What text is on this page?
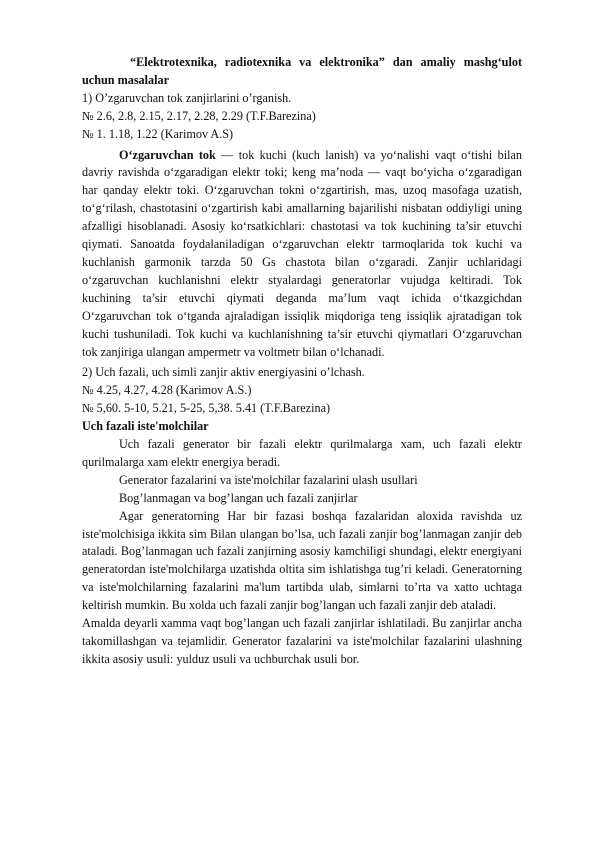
“Elektrotexnika, radiotexnika va elektronika” dan amaliy mashg‘ulot uchun masalalar

1) O’zgaruvchan tok zanjirlarini o’rganish.

№ 2.6, 2.8, 2.15, 2.17, 2.28, 2.29 (T.F.Barezina)

№ 1. 1.18, 1.22 (Karimov A.S)

O‘zgaruvchan tok — tok kuchi (kuch lanish) va yo‘nalishi vaqt o‘tishi bilan davriy ravishda o‘zgaradigan elektr toki; keng ma’noda — vaqt bo‘yicha o‘zgaradigan har qanday elektr toki. O‘zgaruvchan tokni o‘zgartirish, mas, uzoq masofaga uzatish, to‘g‘rilash, chastotasini o‘zgartirish kabi amallarning bajarilishi nisbatan oddiyligi uning afzalligi hisoblanadi. Asosiy ko‘rsatkichlari: chastotasi va tok kuchining ta’sir etuvchi qiymati. Sanoatda foydalaniladigan o‘zgaruvchan elektr tarmoqlarida tok kuchi va kuchlanish garmonik tarzda 50 Gs chastota bilan o‘zgaradi. Zanjir uchlaridagi o‘zgaruvchan kuchlanishni elektr styalardagi generatorlar vujudga keltiradi. Tok kuchining ta’sir etuvchi qiymati deganda ma’lum vaqt ichida o‘tkazgichdan O‘zgaruvchan tok o‘tganda ajraladigan issiqlik miqdoriga teng issiqlik ajratadigan tok kuchi tushuniladi. Tok kuchi va kuchlanishning ta’sir etuvchi qiymatlari O‘zgaruvchan tok zanjiriga ulangan ampermetr va voltmetr bilan o‘lchanadi.

2) Uch fazali, uch simli zanjir aktiv energiyasini o’lchash.

№ 4.25, 4.27, 4.28 (Karimov A.S.)

№ 5,60. 5-10, 5.21, 5-25, 5,38. 5.41 (T.F.Barezina)

Uch fazali iste'molchilar

Uch fazali generator bir fazali elektr qurilmalarga xam, uch fazali elektr qurilmalarga xam elektr energiya beradi.

Generator fazalarini va iste'molchilar fazalarini ulash usullari

Bog’lanmagan va bog’langan uch fazali zanjirlar

Agar generatorning Har bir fazasi boshqa fazalaridan aloxida ravishda uz iste'molchisiga ikkita sim Bilan ulangan bo’lsa, uch fazali zanjir bog’lanmagan zanjir deb ataladi. Bog’lanmagan uch fazali zanjirning asosiy kamchiligi shundagi, elektr energiyani generatordan iste'molchilarga uzatishda oltita sim ishlatishga tug’ri keladi. Generatorning va iste'molchilarning fazalarini ma'lum tartibda ulab, simlarni to’rta va xatto uchtaga keltirish mumkin. Bu xolda uch fazali zanjir bog’langan uch fazali zanjir deb ataladi.

Amalda deyarli xamma vaqt bog’langan uch fazali zanjirlar ishlatiladi. Bu zanjirlar ancha takomillashgan va tejamlidir. Generator fazalarini va iste'molchilar fazalarini ulashning ikkita asosiy usuli: yulduz usuli va uchburchak usuli bor.
